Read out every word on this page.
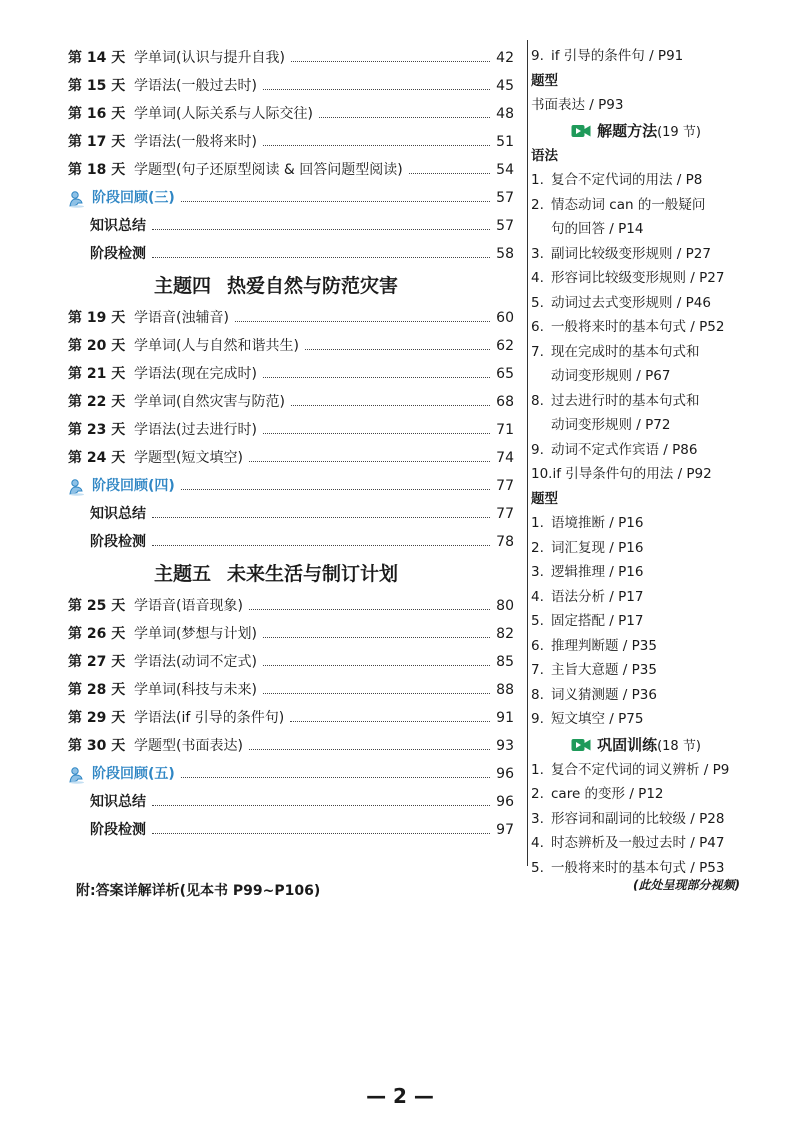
第 14 天 学单词(认识与提升自我)	42
第 15 天 学语法(一般过去时)	45
第 16 天 学单词(人际关系与人际交往)	48
第 17 天 学语法(一般将来时)	51
第 18 天 学题型(句子还原型阅读 & 回答问题型阅读)	54
阶段回顾(三)	57
知识总结	57
阶段检测	58
主题四 热爱自然与防范灾害
第 19 天 学语音(浊辅音)	60
第 20 天 学单词(人与自然和谐共生)	62
第 21 天 学语法(现在完成时)	65
第 22 天 学单词(自然灾害与防范)	68
第 23 天 学语法(过去进行时)	71
第 24 天 学题型(短文填空)	74
阶段回顾(四)	77
知识总结	77
阶段检测	78
主题五 未来生活与制订计划
第 25 天 学语音(语音现象)	80
第 26 天 学单词(梦想与计划)	82
第 27 天 学语法(动词不定式)	85
第 28 天 学单词(科技与未来)	88
第 29 天 学语法(if 引导的条件句)	91
第 30 天 学题型(书面表达)	93
阶段回顾(五)	96
知识总结	96
阶段检测	97
9. if 引导的条件句 / P91
题型
书面表达 / P93
解题方法(19 节)
语法
1. 复合不定代词的用法 / P8
2. 情态动词 can 的一般疑问
句的回答 / P14
3. 副词比较级变形规则 / P27
4. 形容词比较级变形规则 / P27
5. 动词过去式变形规则 / P46
6. 一般将来时的基本句式 / P52
7. 现在完成时的基本句式和
动词变形规则 / P67
8. 过去进行时的基本句式和
动词变形规则 / P72
9. 动词不定式作宾语 / P86
10.if 引导条件句的用法 / P92
题型
1. 语境推断 / P16
2. 词汇复现 / P16
3. 逻辑推理 / P16
4. 语法分析 / P17
5. 固定搭配 / P17
6. 推理判断题 / P35
7. 主旨大意题 / P35
8. 词义猜测题 / P36
9. 短文填空 / P75
巩固训练(18 节)
1. 复合不定代词的词义辨析 / P9
2. care 的变形 / P12
3. 形容词和副词的比较级 / P28
4. 时态辨析及一般过去时 / P47
5. 一般将来时的基本句式 / P53
附:答案详解详析(见本书 P99~P106)	(此处呈现部分视频)
— 2 —
